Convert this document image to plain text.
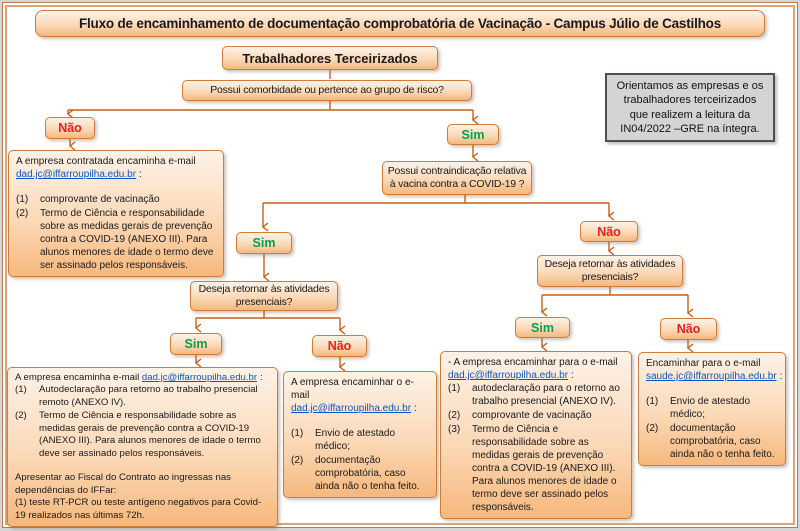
Fluxo de encaminhamento de documentação comprobatória de Vacinação - Campus Júlio de Castilhos
Trabalhadores Terceirizados
Possui comorbidade ou pertence ao grupo de risco?
Não	Sim
A empresa contratada encaminha e-mail
dad.jc@iffarroupilha.edu.br :
(1)	comprovante de vacinação
(2)	Termo de Ciência e responsabilidade sobre as medidas gerais de prevenção contra a COVID-19 (ANEXO III). Para alunos menores de idade o termo deve ser assinado pelos responsáveis.
Possui contraindicação relativa à vacina contra a COVID-19 ?
Sim
Não
Deseja retornar às atividades presenciais?
Deseja retornar às atividades presenciais?
Sim	Não
Sim	Não
A empresa encaminha e-mail dad.jc@iffarroupilha.edu.br :
(1)	Autodeclaração para retorno ao trabalho presencial remoto (ANEXO IV).
(2)	Termo de Ciência e responsabilidade sobre as medidas gerais de prevenção contra a COVID-19 (ANEXO III). Para alunos menores de idade o termo deve ser assinado pelos responsáveis.
Apresentar ao Fiscal do Contrato ao ingressas nas dependências do IFFar:
(1) teste RT-PCR ou teste antígeno negativos para Covid-19 realizados nas últimas 72h.
A empresa encaminhar o e-mail
dad.jc@iffarroupilha.edu.br :
(1)	Envio de atestado médico;
(2)	documentação comprobatória, caso ainda não o tenha feito.
- A empresa encaminhar para o e-mail
dad.jc@iffarroupilha.edu.br :
(1)	autodeclaração para o retorno ao trabalho presencial (ANEXO IV).
(2)	comprovante de vacinação
(3)	Termo de Ciência e responsabilidade sobre as medidas gerais de prevenção contra a COVID-19 (ANEXO III). Para alunos menores de idade o termo deve ser assinado pelos responsáveis.
Encaminhar para o e-mail
saude.jc@iffarroupilha.edu.br :
(1)	Envio de atestado médico;
(2)	documentação comprobatória, caso ainda não o tenha feito.
Orientamos as empresas e os trabalhadores terceirizados que realizem a leitura da IN04/2022 –GRE na íntegra.
